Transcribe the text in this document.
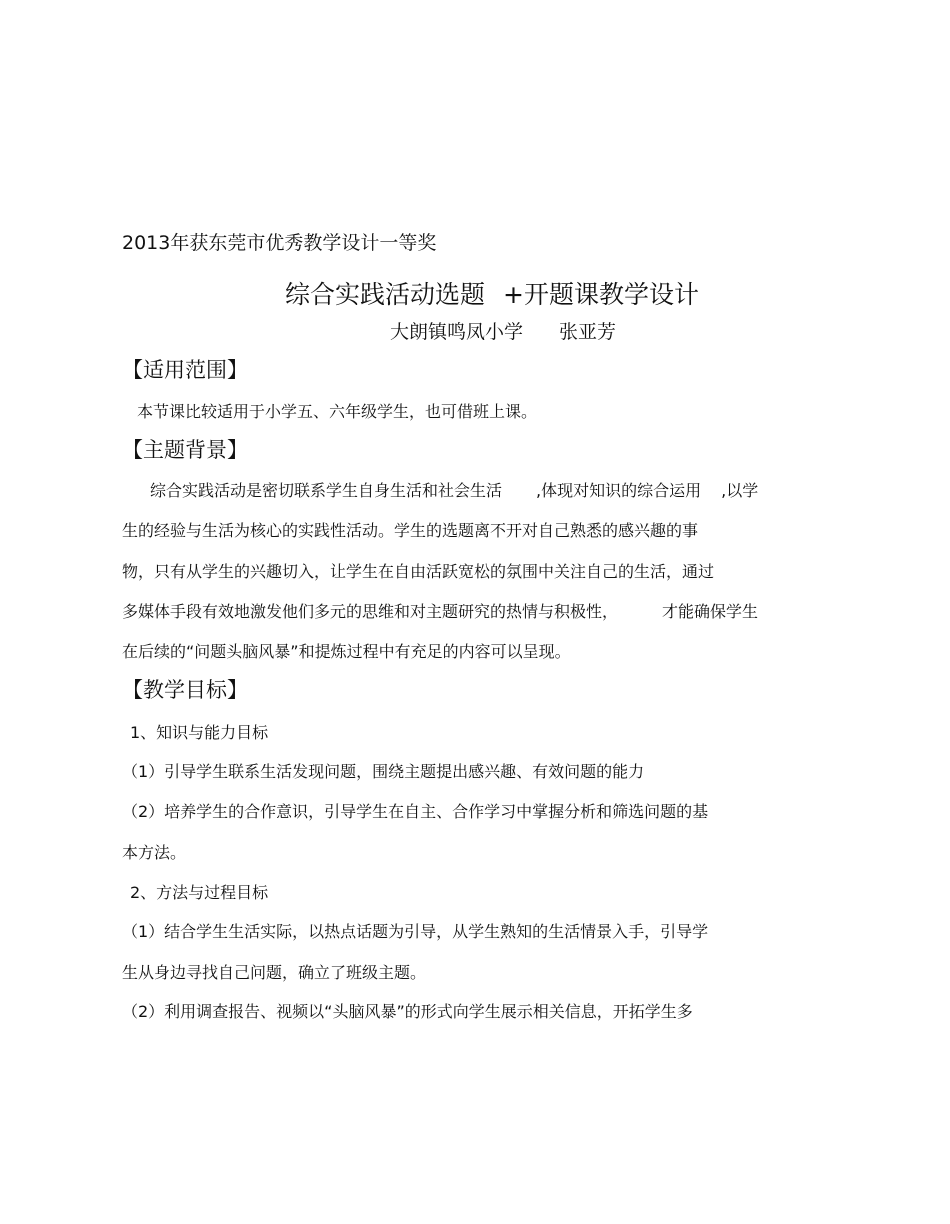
2013年获东莞市优秀教学设计一等奖
综合实践活动选题 +开题课教学设计
大朗镇鸣凤小学 张亚芳
【适用范围】
本节课比较适用于小学五、六年级学生，也可借班上课。
【主题背景】
综合实践活动是密切联系学生自身生活和社会生活 ,体现对知识的综合运用 ,以学
生的经验与生活为核心的实践性活动。学生的选题离不开对自己熟悉的感兴趣的事
物，只有从学生的兴趣切入，让学生在自由活跃宽松的氛围中关注自己的生活，通过
多媒体手段有效地激发他们多元的思维和对主题研究的热情与积极性，	才能确保学生
在后续的“问题头脑风暴”和提炼过程中有充足的内容可以呈现。
【教学目标】
1、知识与能力目标
（1）引导学生联系生活发现问题，围绕主题提出感兴趣、有效问题的能力
（2）培养学生的合作意识，引导学生在自主、合作学习中掌握分析和筛选问题的基
本方法。
2、方法与过程目标
（1）结合学生生活实际，以热点话题为引导，从学生熟知的生活情景入手，引导学
生从身边寻找自己问题，确立了班级主题。
（2）利用调查报告、视频以“头脑风暴”的形式向学生展示相关信息，开拓学生多
